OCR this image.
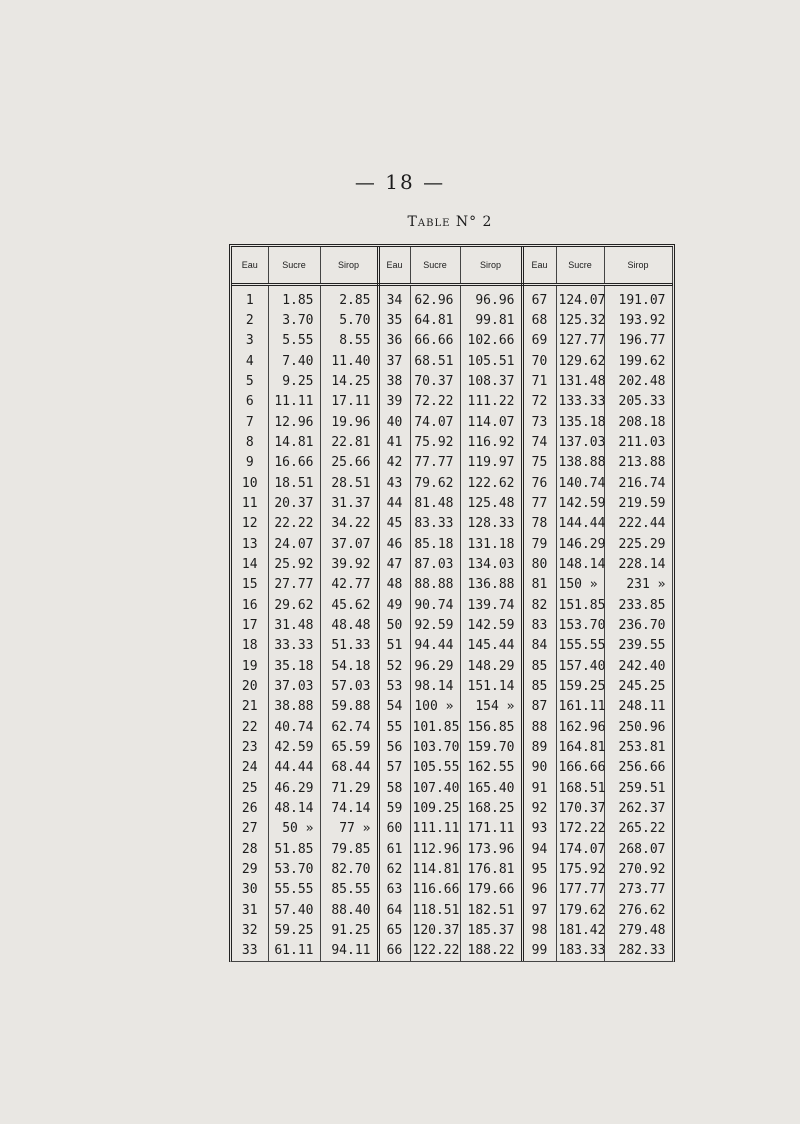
— 18 —
Table N° 2
Eau	Sucre	Sirop	Eau	Sucre	Sirop	Eau	Sucre	Sirop
1	1.85	2.85	34	62.96	96.96	67	124.07	191.07
2	3.70	5.70	35	64.81	99.81	68	125.32	193.92
3	5.55	8.55	36	66.66	102.66	69	127.77	196.77
4	7.40	11.40	37	68.51	105.51	70	129.62	199.62
5	9.25	14.25	38	70.37	108.37	71	131.48	202.48
6	11.11	17.11	39	72.22	111.22	72	133.33	205.33
7	12.96	19.96	40	74.07	114.07	73	135.18	208.18
8	14.81	22.81	41	75.92	116.92	74	137.03	211.03
9	16.66	25.66	42	77.77	119.97	75	138.88	213.88
10	18.51	28.51	43	79.62	122.62	76	140.74	216.74
11	20.37	31.37	44	81.48	125.48	77	142.59	219.59
12	22.22	34.22	45	83.33	128.33	78	144.44	222.44
13	24.07	37.07	46	85.18	131.18	79	146.29	225.29
14	25.92	39.92	47	87.03	134.03	80	148.14	228.14
15	27.77	42.77	48	88.88	136.88	81	150 »	231 »
16	29.62	45.62	49	90.74	139.74	82	151.85	233.85
17	31.48	48.48	50	92.59	142.59	83	153.70	236.70
18	33.33	51.33	51	94.44	145.44	84	155.55	239.55
19	35.18	54.18	52	96.29	148.29	85	157.40	242.40
20	37.03	57.03	53	98.14	151.14	85	159.25	245.25
21	38.88	59.88	54	100 »	154 »	87	161.11	248.11
22	40.74	62.74	55	101.85	156.85	88	162.96	250.96
23	42.59	65.59	56	103.70	159.70	89	164.81	253.81
24	44.44	68.44	57	105.55	162.55	90	166.66	256.66
25	46.29	71.29	58	107.40	165.40	91	168.51	259.51
26	48.14	74.14	59	109.25	168.25	92	170.37	262.37
27	50 »	77 »	60	111.11	171.11	93	172.22	265.22
28	51.85	79.85	61	112.96	173.96	94	174.07	268.07
29	53.70	82.70	62	114.81	176.81	95	175.92	270.92
30	55.55	85.55	63	116.66	179.66	96	177.77	273.77
31	57.40	88.40	64	118.51	182.51	97	179.62	276.62
32	59.25	91.25	65	120.37	185.37	98	181.42	279.48
33	61.11	94.11	66	122.22	188.22	99	183.33	282.33
